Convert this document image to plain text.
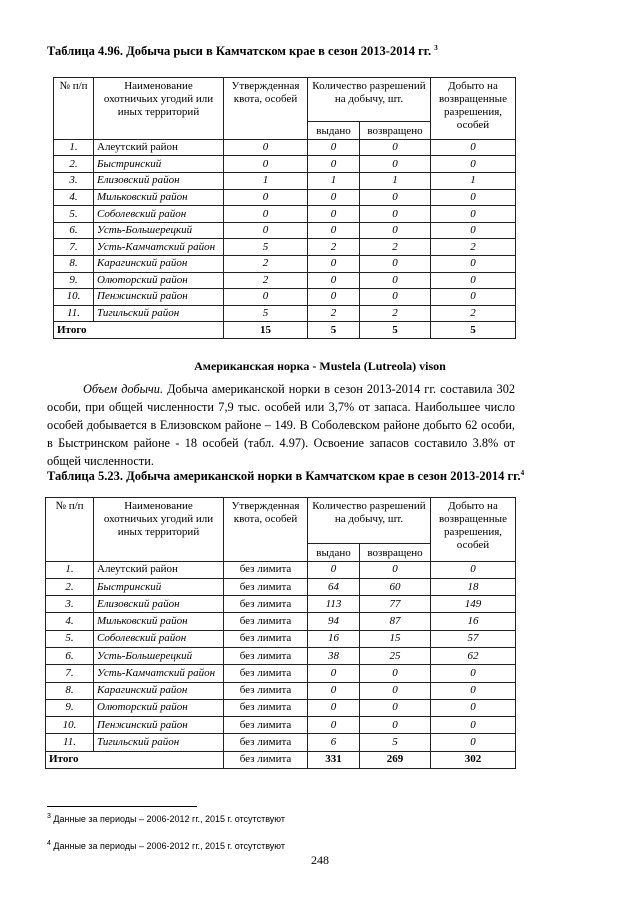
Таблица 4.96. Добыча рыси в Камчатском крае в сезон 2013-2014 гг. $^3$
№ п/п	Наименование охотничьих угодий или иных территорий	Утвержденная квота, особей	Количество разрешений на добычу, шт.		Добыто на возвращенные разрешения, особей
			выдано	возвращено	
1.	Алеутский район	0	0	0	0
2.	Быстринский	0	0	0	0
3.	Елизовский район	1	1	1	1
4.	Мильковский район	0	0	0	0
5.	Соболевский район	0	0	0	0
6.	Усть-Большерецкий	0	0	0	0
7.	Усть-Камчатский район	5	2	2	2
8.	Карагинский район	2	0	0	0
9.	Олюторский район	2	0	0	0
10.	Пенжинский район	0	0	0	0
11.	Тигильский район	5	2	2	2
Итого		15	5	5	5
Американская норка - Mustela (Lutreola) vison
Объем добычи. Добыча американской норки в сезон 2013-2014 гг. составила 302 особи, при общей численности 7,9 тыс. особей или 3,7% от запаса. Наибольшее число особей добывается в Елизовском районе – 149. В Соболевском районе добыто 62 особи, в Быстринском районе - 18 особей (табл. 4.97). Освоение запасов составило 3.8% от общей численности.
Таблица 5.23. Добыча американской норки в Камчатском крае в сезон 2013-2014 гг.$^4$
№ п/п	Наименование охотничьих угодий или иных территорий	Утвержденная квота, особей	Количество разрешений на добычу, шт.		Добыто на возвращенные разрешения, особей
			выдано	возвращено	
1.	Алеутский район	без лимита	0	0	0
2.	Быстринский	без лимита	64	60	18
3.	Елизовский район	без лимита	113	77	149
4.	Мильковский район	без лимита	94	87	16
5.	Соболевский район	без лимита	16	15	57
6.	Усть-Большерецкий	без лимита	38	25	62
7.	Усть-Камчатский район	без лимита	0	0	0
8.	Карагинский район	без лимита	0	0	0
9.	Олюторский район	без лимита	0	0	0
10.	Пенжинский район	без лимита	0	0	0
11.	Тигильский район	без лимита	6	5	0
Итого		без лимита	331	269	302
$^3$ Данные за периоды – 2006-2012 гг., 2015 г. отсутствуют
$^4$ Данные за периоды – 2006-2012 гг., 2015 г. отсутствуют
248
